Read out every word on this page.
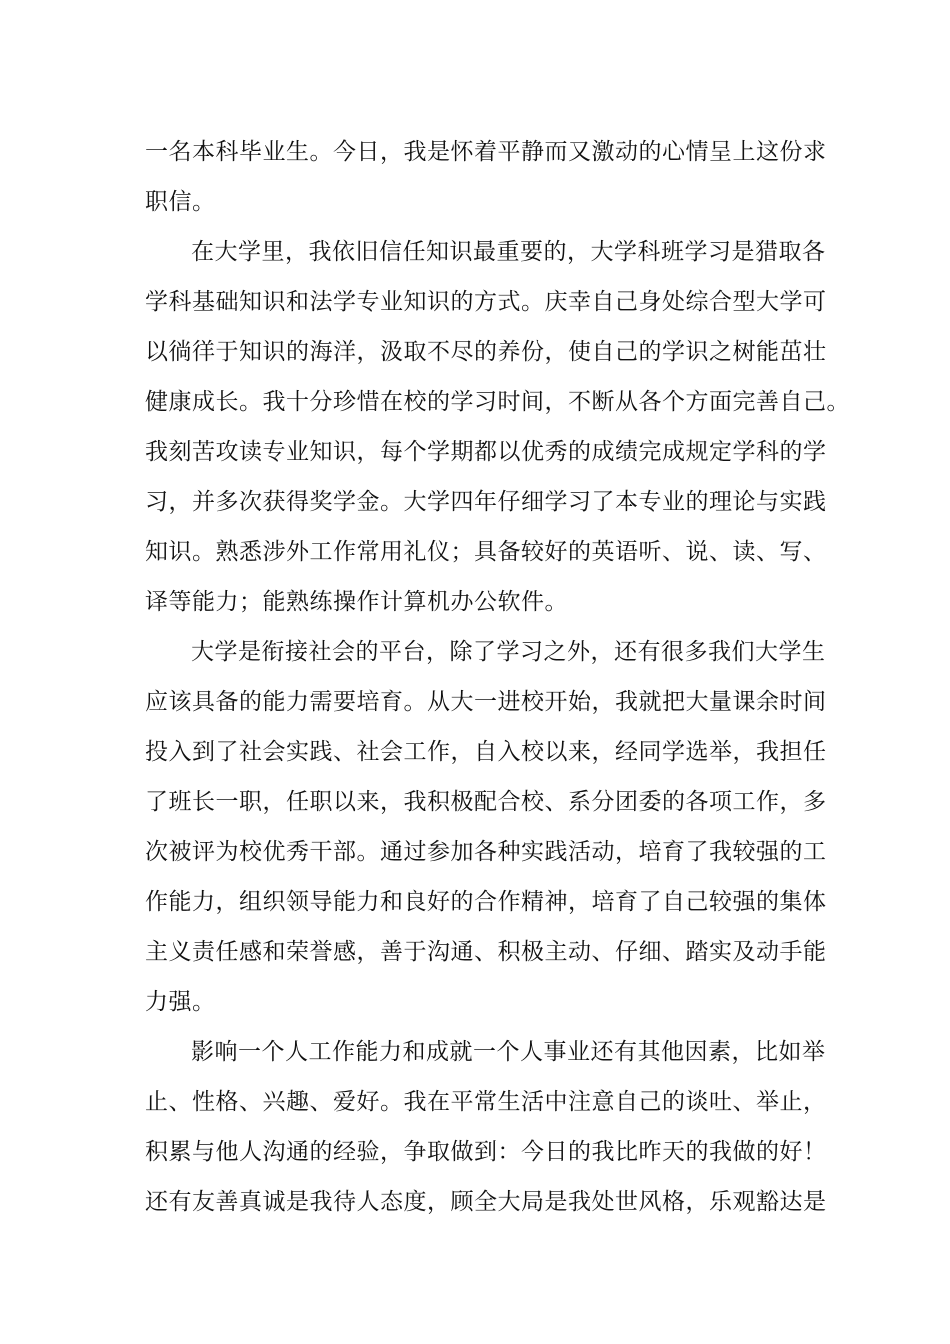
一名本科毕业生。今日，我是怀着平静而又激动的心情呈上这份求

职信。

在大学里，我依旧信任知识最重要的，大学科班学习是猎取各

学科基础知识和法学专业知识的方式。庆幸自己身处综合型大学可

以徜徉于知识的海洋，汲取不尽的养份，使自己的学识之树能茁壮

健康成长。我十分珍惜在校的学习时间，不断从各个方面完善自己。

我刻苦攻读专业知识，每个学期都以优秀的成绩完成规定学科的学

习，并多次获得奖学金。大学四年仔细学习了本专业的理论与实践

知识。熟悉涉外工作常用礼仪；具备较好的英语听、说、读、写、

译等能力；能熟练操作计算机办公软件。

大学是衔接社会的平台，除了学习之外，还有很多我们大学生

应该具备的能力需要培育。从大一进校开始，我就把大量课余时间

投入到了社会实践、社会工作，自入校以来，经同学选举，我担任

了班长一职，任职以来，我积极配合校、系分团委的各项工作，多

次被评为校优秀干部。通过参加各种实践活动，培育了我较强的工

作能力，组织领导能力和良好的合作精神，培育了自己较强的集体

主义责任感和荣誉感，善于沟通、积极主动、仔细、踏实及动手能

力强。

影响一个人工作能力和成就一个人事业还有其他因素，比如举

止、性格、兴趣、爱好。我在平常生活中注意自己的谈吐、举止，

积累与他人沟通的经验，争取做到：今日的我比昨天的我做的好！

还有友善真诚是我待人态度，顾全大局是我处世风格，乐观豁达是
